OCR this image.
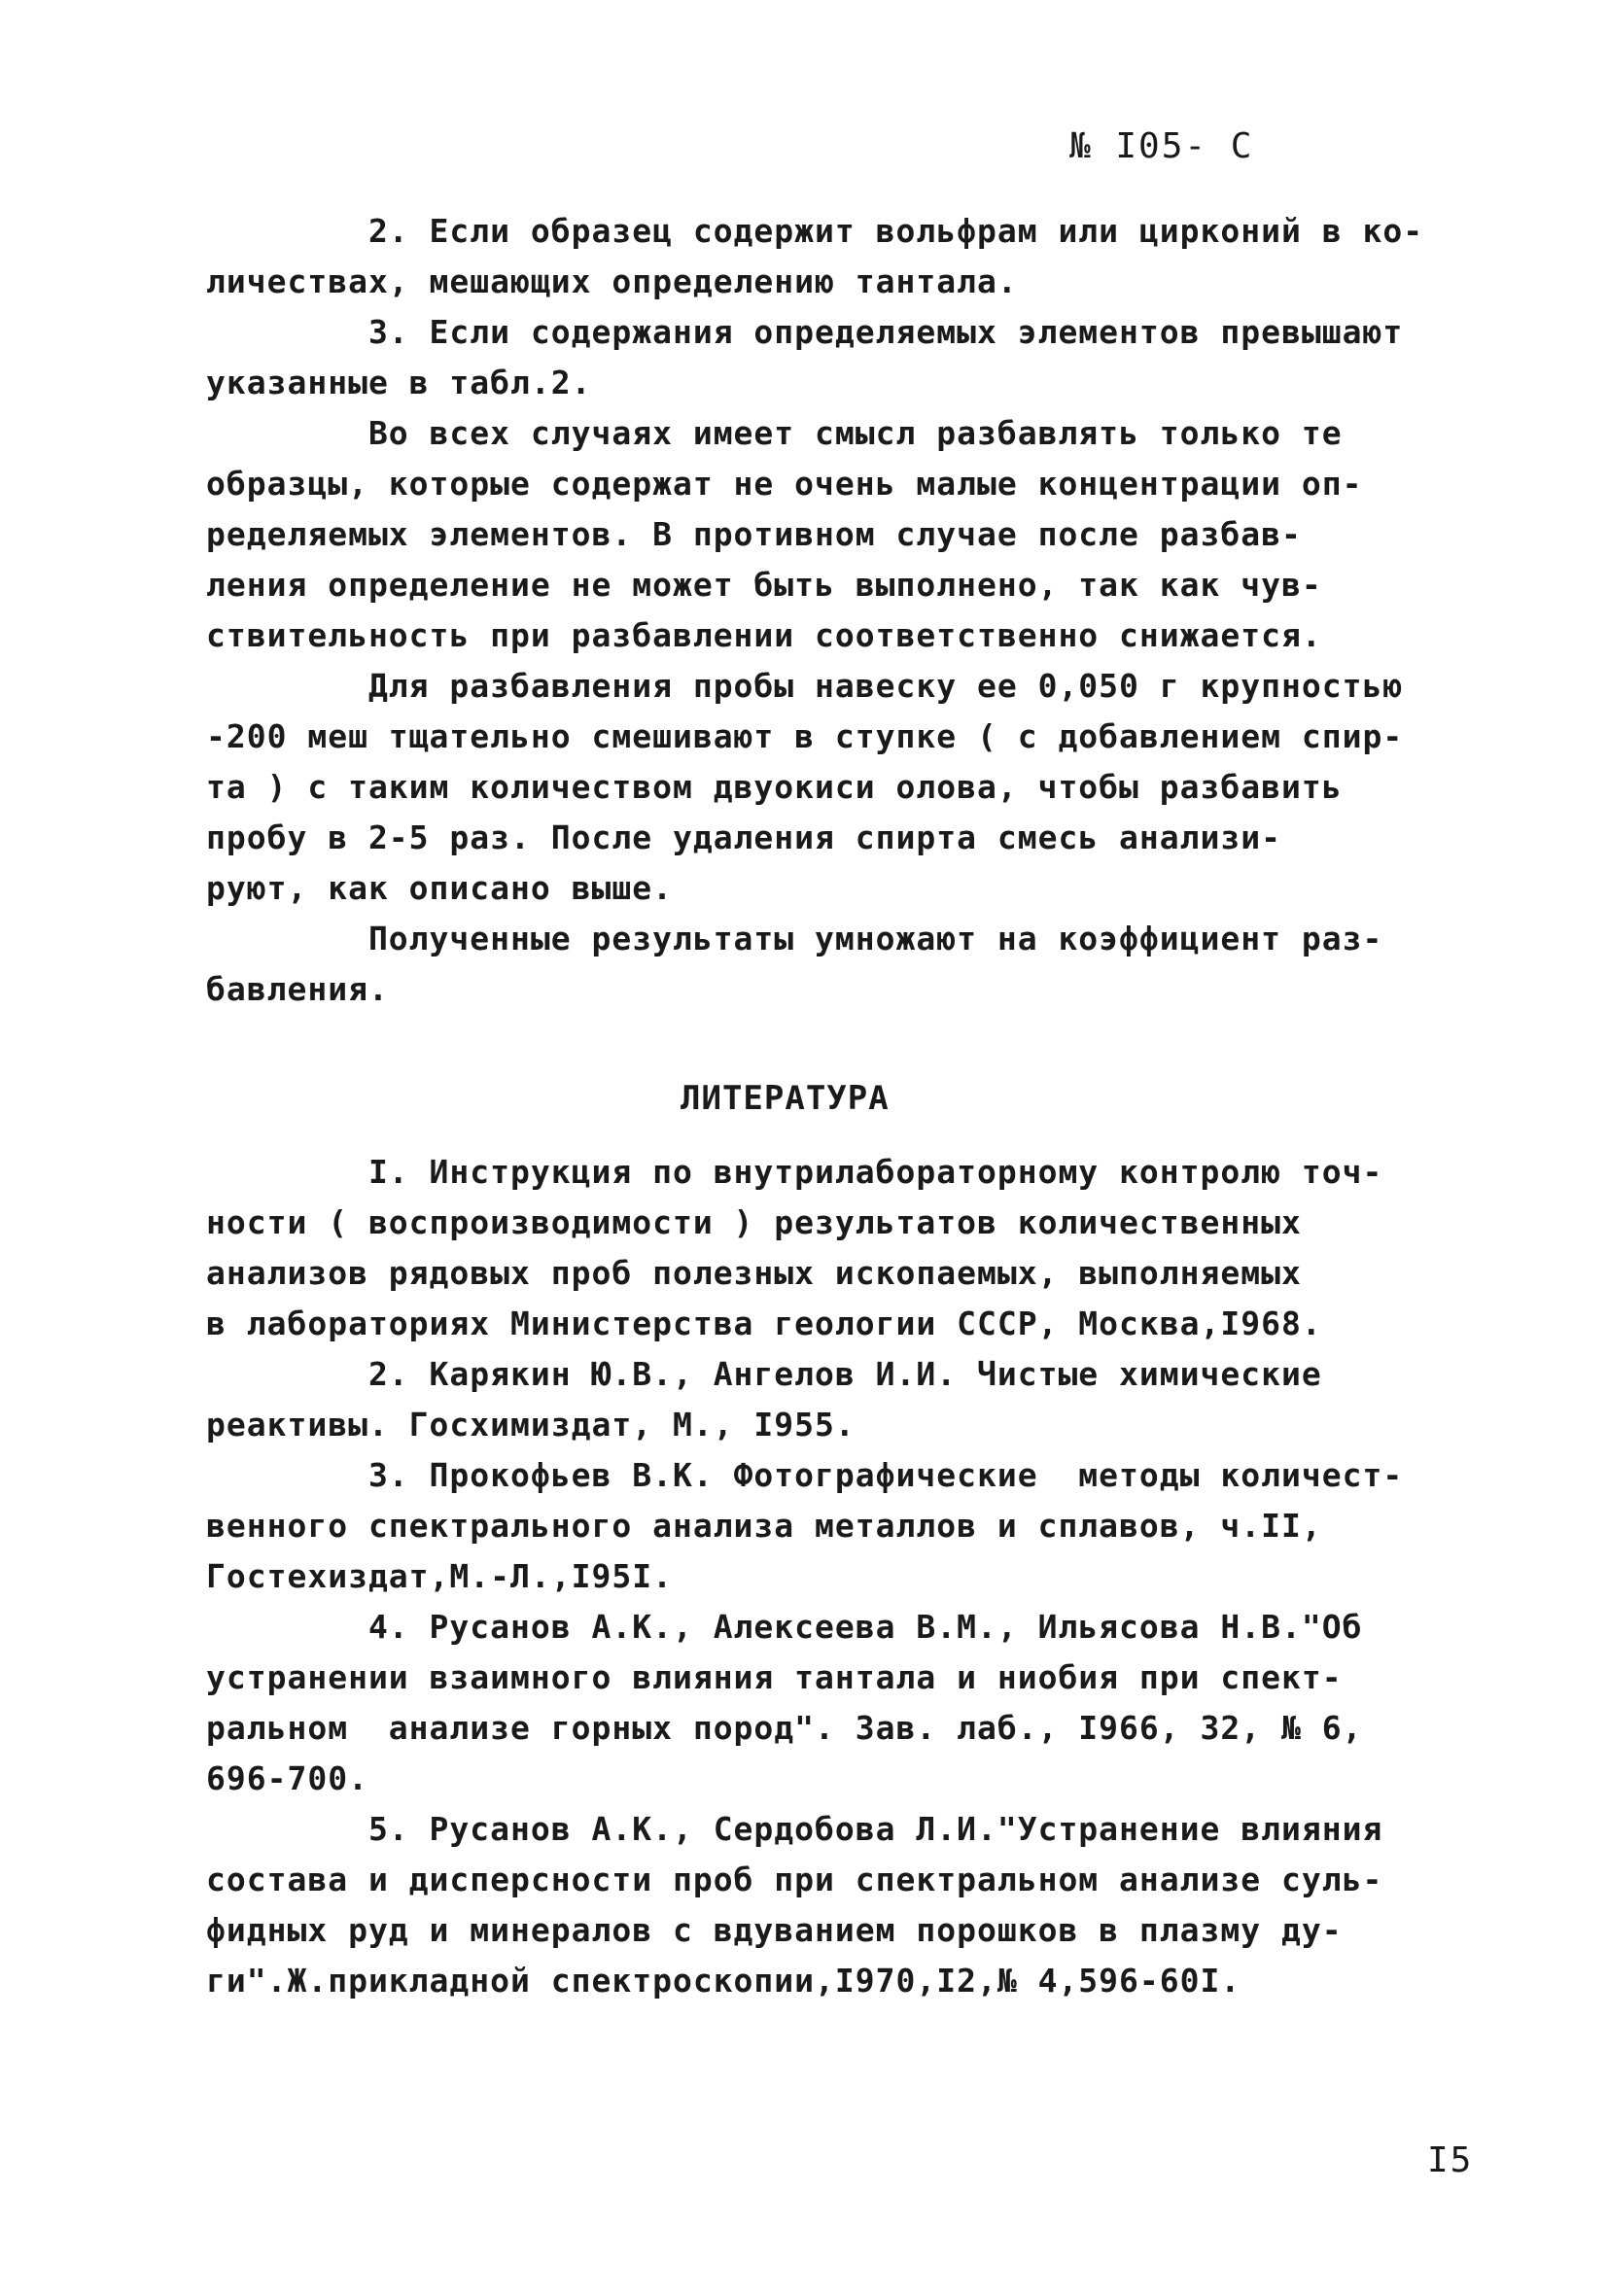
№ I05- С
2. Если образец содержит вольфрам или цирконий в ко-
личествах, мешающих определению тантала.
3. Если содержания определяемых элементов превышают
указанные в табл.2.
Во всех случаях имеет смысл разбавлять только те
образцы, которые содержат не очень малые концентрации оп-
ределяемых элементов. В противном случае после разбав-
ления определение не может быть выполнено, так как чув-
ствительность при разбавлении соответственно снижается.
Для разбавления пробы навеску ее 0,050 г крупностью
-200 меш тщательно смешивают в ступке ( с добавлением спир-
та ) с таким количеством двуокиси олова, чтобы разбавить
пробу в 2-5 раз. После удаления спирта смесь анализи-
руют, как описано выше.
Полученные результаты умножают на коэффициент раз-
бавления.
ЛИТЕРАТУРА
I. Инструкция по внутрилабораторному контролю точ-
ности ( воспроизводимости ) результатов количественных
анализов рядовых проб полезных ископаемых, выполняемых
в лабораториях Министерства геологии СССР, Москва,I968.
2. Карякин Ю.В., Ангелов И.И. Чистые химические
реактивы. Госхимиздат, М., I955.
3. Прокофьев В.К. Фотографические  методы количест-
венного спектрального анализа металлов и сплавов, ч.II,
Гостехиздат,М.-Л.,I95I.
4. Русанов А.К., Алексеева В.М., Ильясова Н.В."Об
устранении взаимного влияния тантала и ниобия при спект-
ральном  анализе горных пород". Зав. лаб., I966, 32, № 6,
696-700.
5. Русанов А.К., Сердобова Л.И."Устранение влияния
состава и дисперсности проб при спектральном анализе суль-
фидных руд и минералов с вдуванием порошков в плазму ду-
ги".Ж.прикладной спектроскопии,I970,I2,№ 4,596-60I.
I5
